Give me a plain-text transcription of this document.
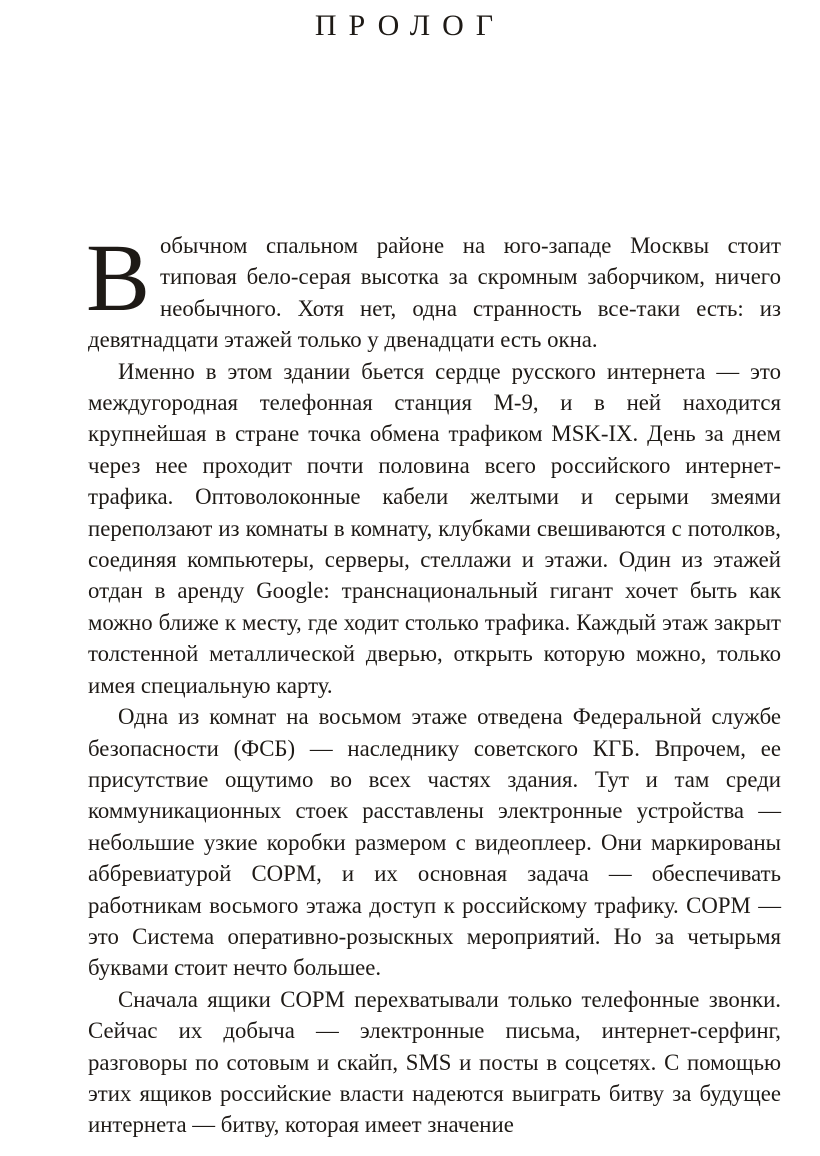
ПРОЛОГ

В обычном спальном районе на юго-западе Москвы стоит типовая бело-серая высотка за скромным заборчиком, ничего необычного. Хотя нет, одна странность все-таки есть: из девятнадцати этажей только у двенадцати есть окна.

Именно в этом здании бьется сердце русского интернета — это междугородная телефонная станция М-9, и в ней находится крупнейшая в стране точка обмена трафиком MSK-IX. День за днем через нее проходит почти половина всего российского интернет-трафика. Оптоволоконные кабели желтыми и серыми змеями переползают из комнаты в комнату, клубками свешиваются с потолков, соединяя компьютеры, серверы, стеллажи и этажи. Один из этажей отдан в аренду Google: транснациональный гигант хочет быть как можно ближе к месту, где ходит столько трафика. Каждый этаж закрыт толстенной металлической дверью, открыть которую можно, только имея специальную карту.

Одна из комнат на восьмом этаже отведена Федеральной службе безопасности (ФСБ) — наследнику советского КГБ. Впрочем, ее присутствие ощутимо во всех частях здания. Тут и там среди коммуникационных стоек расставлены электронные устройства — небольшие узкие коробки размером с видеоплеер. Они маркированы аббревиатурой СОРМ, и их основная задача — обеспечивать работникам восьмого этажа доступ к российскому трафику. СОРМ — это Система оперативно-розыскных мероприятий. Но за четырьмя буквами стоит нечто большее.

Сначала ящики СОРМ перехватывали только телефонные звонки. Сейчас их добыча — электронные письма, интернет-серфинг, разговоры по сотовым и скайп, SMS и посты в соцсетях. С помощью этих ящиков российские власти надеются выиграть битву за будущее интернета — битву, которая имеет значение
